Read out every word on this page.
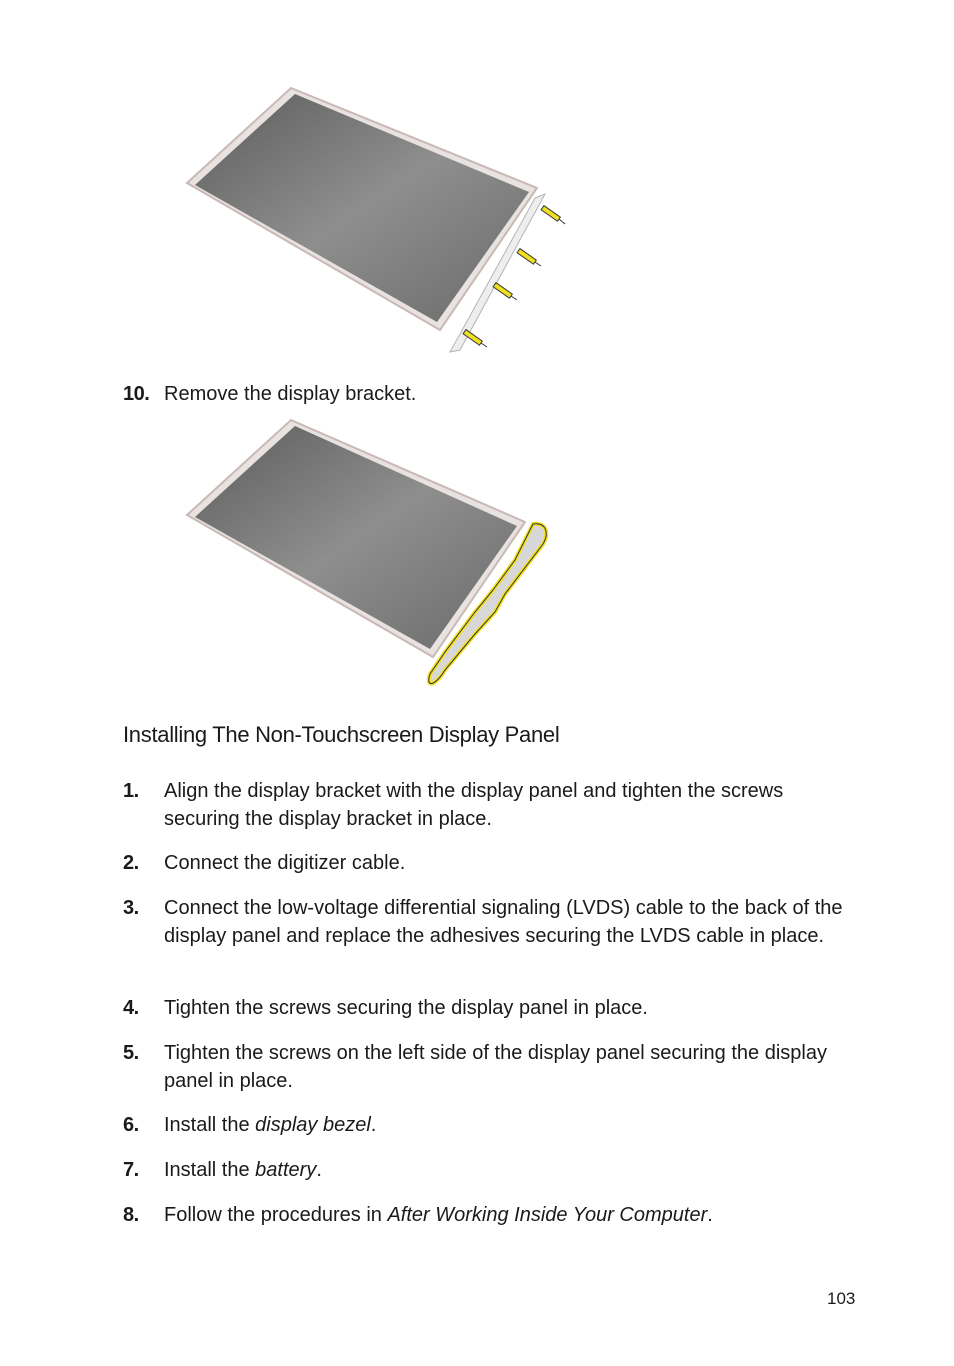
10. Remove the display bracket.
Installing The Non-Touchscreen Display Panel
1. Align the display bracket with the display panel and tighten the screws securing the display bracket in place.
2. Connect the digitizer cable.
3. Connect the low-voltage differential signaling (LVDS) cable to the back of the display panel and replace the adhesives securing the LVDS cable in place.
4. Tighten the screws securing the display panel in place.
5. Tighten the screws on the left side of the display panel securing the display panel in place.
6. Install the display bezel.
7. Install the battery.
8. Follow the procedures in After Working Inside Your Computer.
103
